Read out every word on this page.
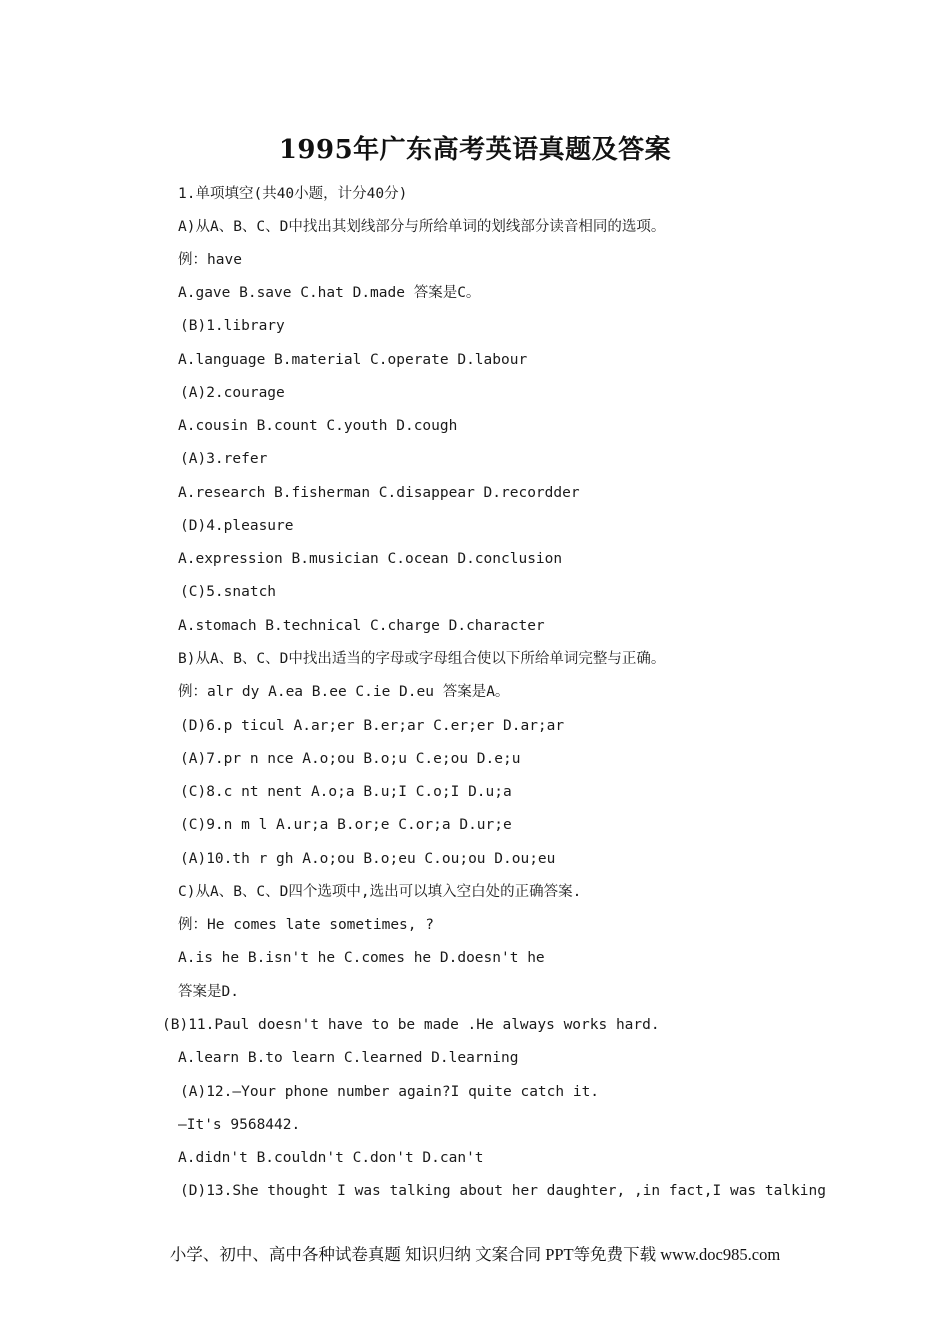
1995年广东高考英语真题及答案
1.单项填空(共40小题，计分40分)
A)从A、B、C、D中找出其划线部分与所给单词的划线部分读音相同的选项。
例：have
A.gave B.save C.hat D.made 答案是C。
(B)1.library
A.language B.material C.operate D.labour
(A)2.courage
A.cousin B.count C.youth D.cough
(A)3.refer
A.research B.fisherman C.disappear D.recordder
(D)4.pleasure
A.expression B.musician C.ocean D.conclusion
(C)5.snatch
A.stomach B.technical C.charge D.character
B)从A、B、C、D中找出适当的字母或字母组合使以下所给单词完整与正确。
例：alr dy A.ea B.ee C.ie D.eu 答案是A。
(D)6.p ticul A.ar;er B.er;ar C.er;er D.ar;ar
(A)7.pr n nce A.o;ou B.o;u C.e;ou D.e;u
(C)8.c nt nent A.o;a B.u;I C.o;I D.u;a
(C)9.n m l A.ur;a B.or;e C.or;a D.ur;e
(A)10.th r gh A.o;ou B.o;eu C.ou;ou D.ou;eu
C)从A、B、C、D四个选项中,选出可以填入空白处的正确答案.
例：He comes late sometimes, ?
A.is he B.isn't he C.comes he D.doesn't he
答案是D.
(B)11.Paul doesn't have to be made .He always works hard.
A.learn B.to learn C.learned D.learning
(A)12.—Your phone number again?I quite catch it.
—It's 9568442.
A.didn't B.couldn't C.don't D.can't
(D)13.She thought I was talking about her daughter, ,in fact,I was talking
小学、初中、高中各种试卷真题 知识归纳 文案合同 PPT等免费下载 www.doc985.com
